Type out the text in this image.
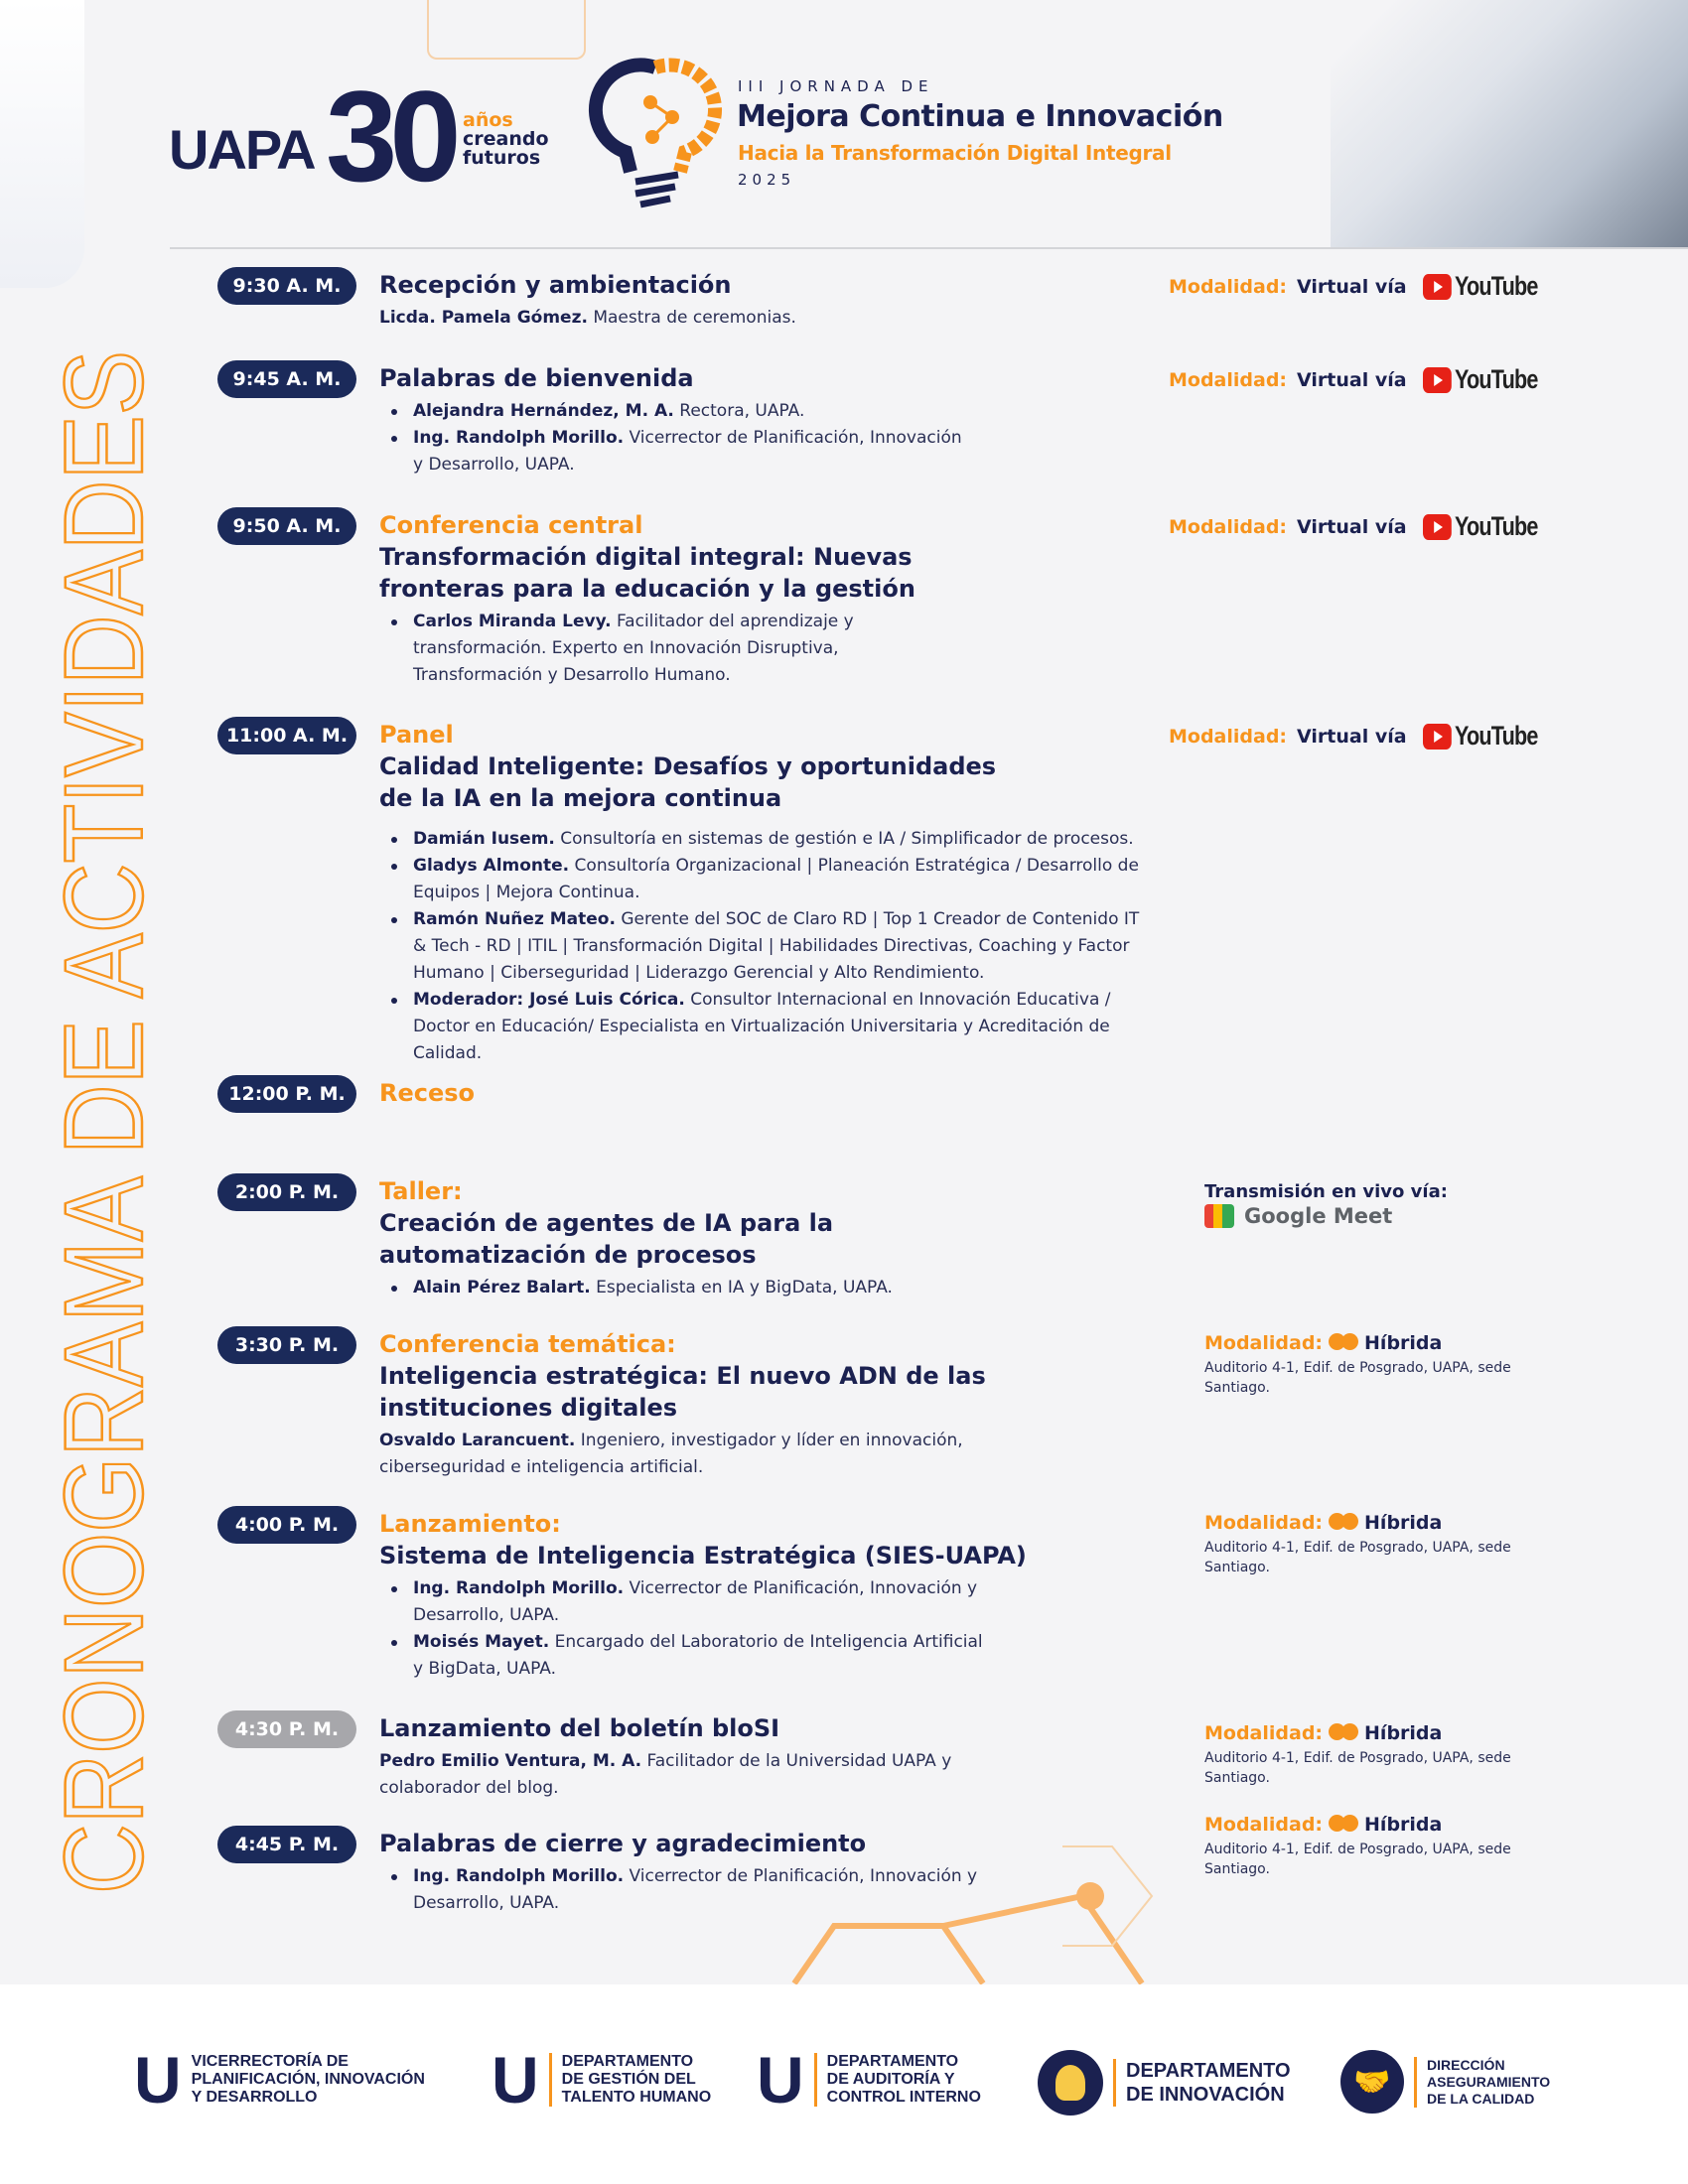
UAPA 30 años
creando
futuros
III JORNADA DE
Mejora Continua e Innovación
Hacia la Transformación Digital Integral
2025
CRONOGRAMA DE ACTIVIDADES	9:30 A. M.	Recepción y ambientación
Licda. Pamela Gómez. Maestra de ceremonias.
Modalidad: Virtual vía YouTube
9:45 A. M.	Palabras de bienvenida
Alejandra Hernández, M. A. Rectora, UAPA.
Ing. Randolph Morillo. Vicerrector de Planificación, Innovación y Desarrollo, UAPA.
Modalidad: Virtual vía YouTube
9:50 A. M.	Conferencia central
Transformación digital integral: Nuevas fronteras para la educación y la gestión
Carlos Miranda Levy. Facilitador del aprendizaje y transformación. Experto en Innovación Disruptiva, Transformación y Desarrollo Humano.
Modalidad: Virtual vía YouTube
11:00 A. M.	Panel
Calidad Inteligente: Desafíos y oportunidades de la IA en la mejora continua
Damián Iusem. Consultoría en sistemas de gestión e IA / Simplificador de procesos.
Gladys Almonte. Consultoría Organizacional | Planeación Estratégica / Desarrollo de Equipos | Mejora Continua.
Ramón Nuñez Mateo. Gerente del SOC de Claro RD | Top 1 Creador de Contenido IT & Tech - RD | ITIL | Transformación Digital | Habilidades Directivas, Coaching y Factor Humano | Ciberseguridad | Liderazgo Gerencial y Alto Rendimiento.
Moderador: José Luis Córica. Consultor Internacional en Innovación Educativa / Doctor en Educación/ Especialista en Virtualización Universitaria y Acreditación de Calidad.
Modalidad: Virtual vía YouTube
12:00 P. M.	Receso
2:00 P. M.	Taller:
Creación de agentes de IA para la automatización de procesos
Alain Pérez Balart. Especialista en IA y BigData, UAPA.
Transmisión en vivo vía:
Google Meet
3:30 P. M.	Conferencia temática:
Inteligencia estratégica: El nuevo ADN de las instituciones digitales
Osvaldo Larancuent. Ingeniero, investigador y líder en innovación, ciberseguridad e inteligencia artificial.
Modalidad: Híbrida
Auditorio 4-1, Edif. de Posgrado, UAPA, sede Santiago.
4:00 P. M.	Lanzamiento:
Sistema de Inteligencia Estratégica (SIES-UAPA)
Ing. Randolph Morillo. Vicerrector de Planificación, Innovación y Desarrollo, UAPA.
Moisés Mayet. Encargado del Laboratorio de Inteligencia Artificial y BigData, UAPA.
Modalidad: Híbrida
Auditorio 4-1, Edif. de Posgrado, UAPA, sede Santiago.
4:30 P. M.	Lanzamiento del boletín bloSI
Pedro Emilio Ventura, M. A. Facilitador de la Universidad UAPA y colaborador del blog.
Modalidad: Híbrida
Auditorio 4-1, Edif. de Posgrado, UAPA, sede Santiago.
4:45 P. M.	Palabras de cierre y agradecimiento
Ing. Randolph Morillo. Vicerrector de Planificación, Innovación y Desarrollo, UAPA.
Modalidad: Híbrida
Auditorio 4-1, Edif. de Posgrado, UAPA, sede Santiago.
U VICERRECTORÍA DE
PLANIFICACIÓN, INNOVACIÓN
Y DESARROLLO	U DEPARTAMENTO
DE GESTIÓN DEL
TALENTO HUMANO U DEPARTAMENTO
DE AUDITORÍA Y
CONTROL INTERNO
DEPARTAMENTO
DE INNOVACIÓN	🤝	DIRECCIÓN
ASEGURAMIENTO
DE LA CALIDAD
